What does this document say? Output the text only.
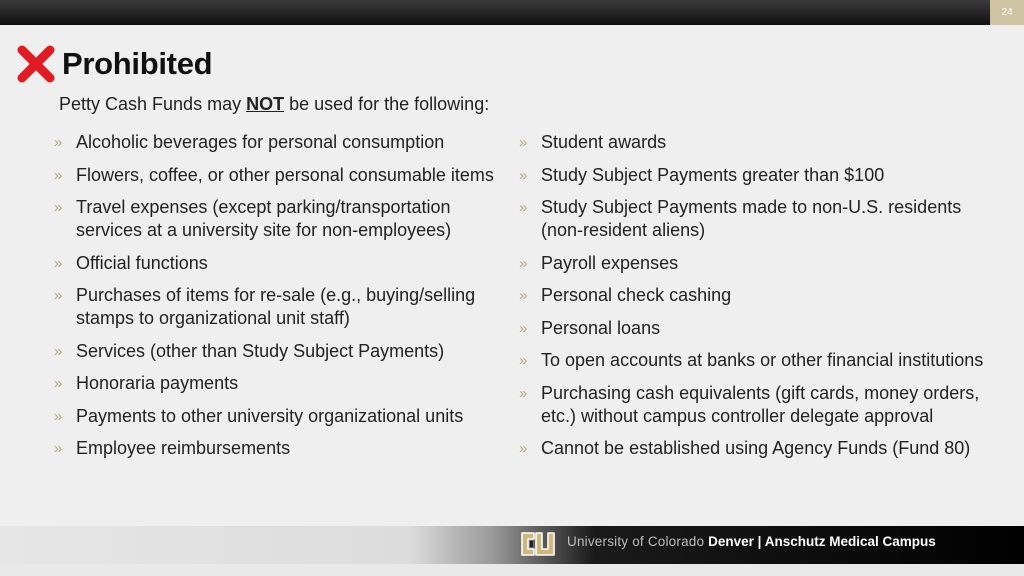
24
Prohibited
Petty Cash Funds may NOT be used for the following:
» Alcoholic beverages for personal consumption
» Flowers, coffee, or other personal consumable items
» Travel expenses (except parking/transportation services at a university site for non-employees)
» Official functions
» Purchases of items for re-sale (e.g., buying/selling stamps to organizational unit staff)
» Services (other than Study Subject Payments)
» Honoraria payments
» Payments to other university organizational units
» Employee reimbursements
» Student awards
» Study Subject Payments greater than $100
» Study Subject Payments made to non-U.S. residents (non-resident aliens)
» Payroll expenses
» Personal check cashing
» Personal loans
» To open accounts at banks or other financial institutions
» Purchasing cash equivalents (gift cards, money orders, etc.) without campus controller delegate approval
» Cannot be established using Agency Funds (Fund 80)
University of Colorado Denver | Anschutz Medical Campus
